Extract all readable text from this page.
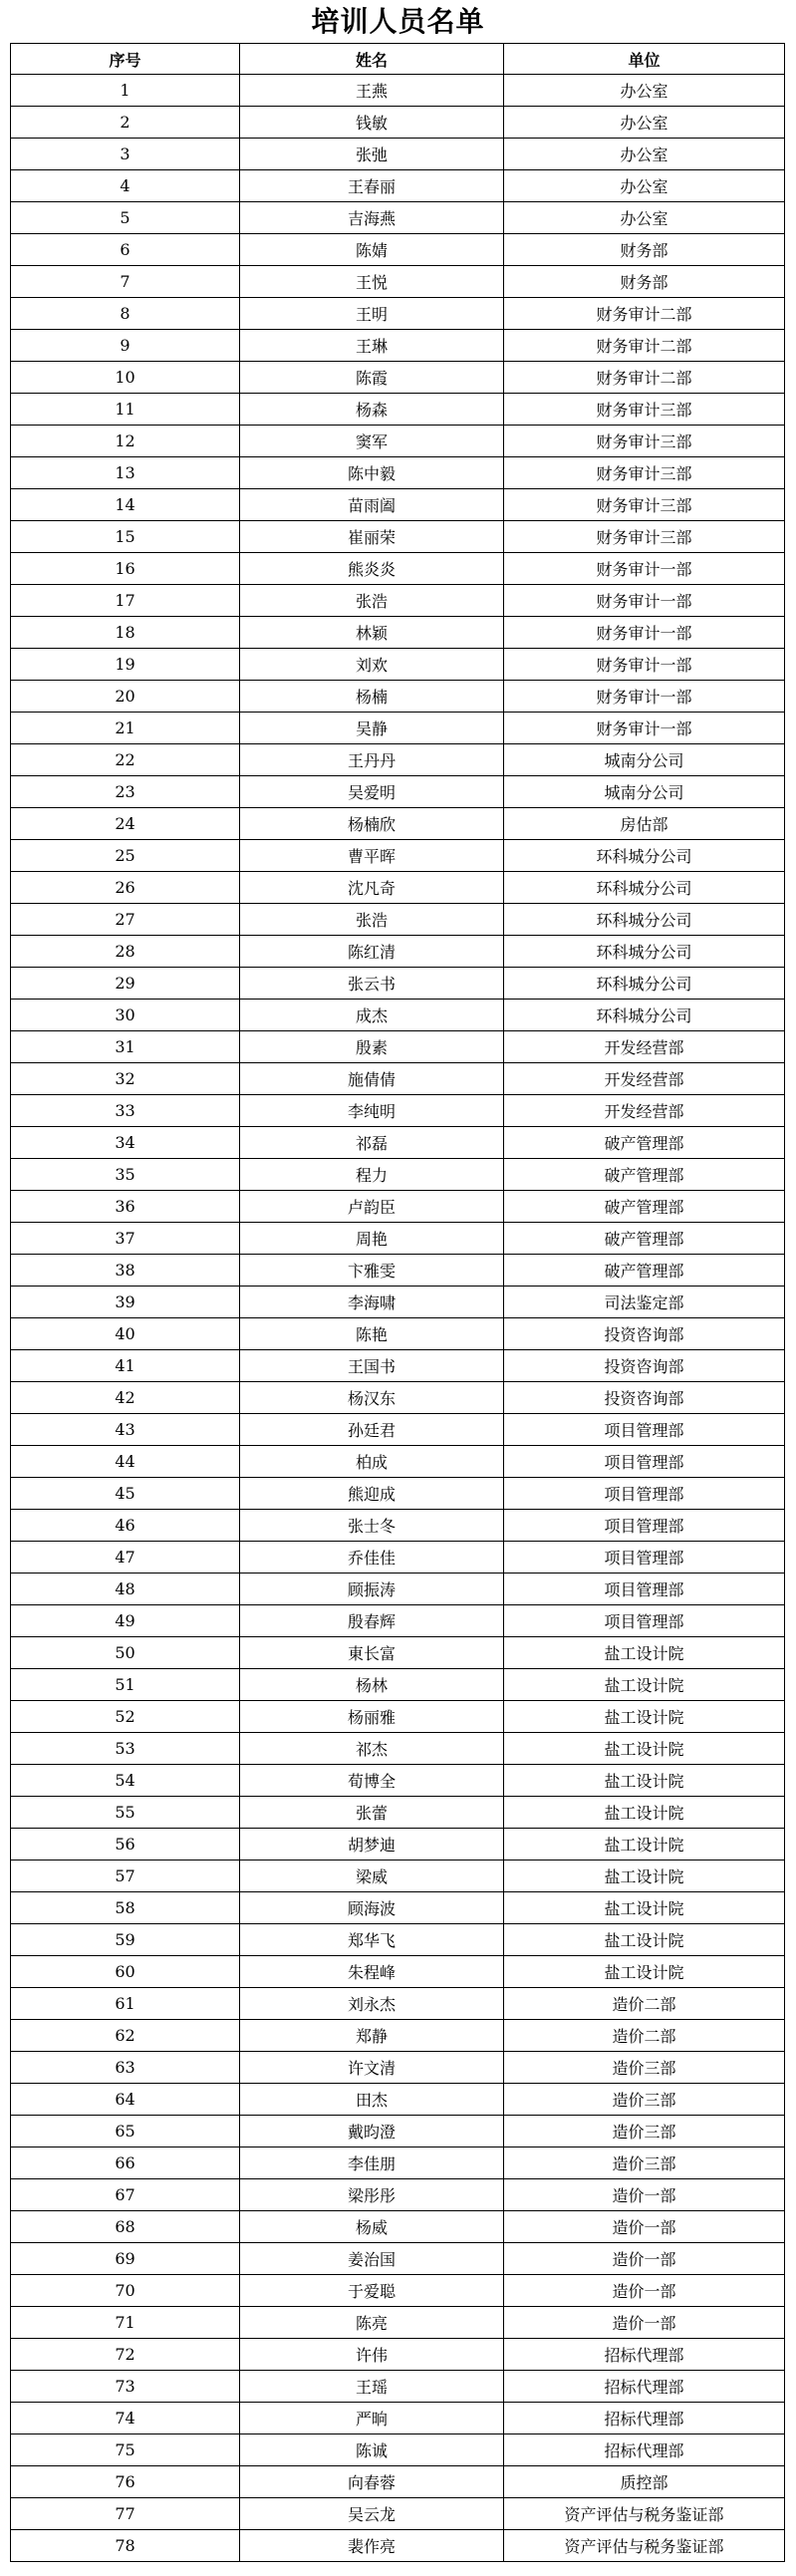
培训人员名单
序号	姓名	单位
1	王燕	办公室
2	钱敏	办公室
3	张弛	办公室
4	王春丽	办公室
5	吉海燕	办公室
6	陈婧	财务部
7	王悦	财务部
8	王明	财务审计二部
9	王琳	财务审计二部
10	陈霞	财务审计二部
11	杨森	财务审计三部
12	窦军	财务审计三部
13	陈中毅	财务审计三部
14	苗雨阖	财务审计三部
15	崔丽荣	财务审计三部
16	熊炎炎	财务审计一部
17	张浩	财务审计一部
18	林颖	财务审计一部
19	刘欢	财务审计一部
20	杨楠	财务审计一部
21	吴静	财务审计一部
22	王丹丹	城南分公司
23	吴爱明	城南分公司
24	杨楠欣	房估部
25	曹平晖	环科城分公司
26	沈凡奇	环科城分公司
27	张浩	环科城分公司
28	陈红清	环科城分公司
29	张云书	环科城分公司
30	成杰	环科城分公司
31	殷素	开发经营部
32	施倩倩	开发经营部
33	李纯明	开发经营部
34	祁磊	破产管理部
35	程力	破产管理部
36	卢韵臣	破产管理部
37	周艳	破产管理部
38	卞雅雯	破产管理部
39	李海啸	司法鉴定部
40	陈艳	投资咨询部
41	王国书	投资咨询部
42	杨汉东	投资咨询部
43	孙廷君	项目管理部
44	柏成	项目管理部
45	熊迎成	项目管理部
46	张士冬	项目管理部
47	乔佳佳	项目管理部
48	顾振涛	项目管理部
49	殷春辉	项目管理部
50	東长富	盐工设计院
51	杨林	盐工设计院
52	杨丽雅	盐工设计院
53	祁杰	盐工设计院
54	荀博全	盐工设计院
55	张蕾	盐工设计院
56	胡梦迪	盐工设计院
57	梁威	盐工设计院
58	顾海波	盐工设计院
59	郑华飞	盐工设计院
60	朱程峰	盐工设计院
61	刘永杰	造价二部
62	郑静	造价二部
63	许文清	造价三部
64	田杰	造价三部
65	戴昀澄	造价三部
66	李佳朋	造价三部
67	梁彤彤	造价一部
68	杨威	造价一部
69	姜治国	造价一部
70	于爱聪	造价一部
71	陈亮	造价一部
72	许伟	招标代理部
73	王瑶	招标代理部
74	严晌	招标代理部
75	陈诚	招标代理部
76	向春蓉	质控部
77	吴云龙	资产评估与税务鉴证部
78	裴作亮	资产评估与税务鉴证部
